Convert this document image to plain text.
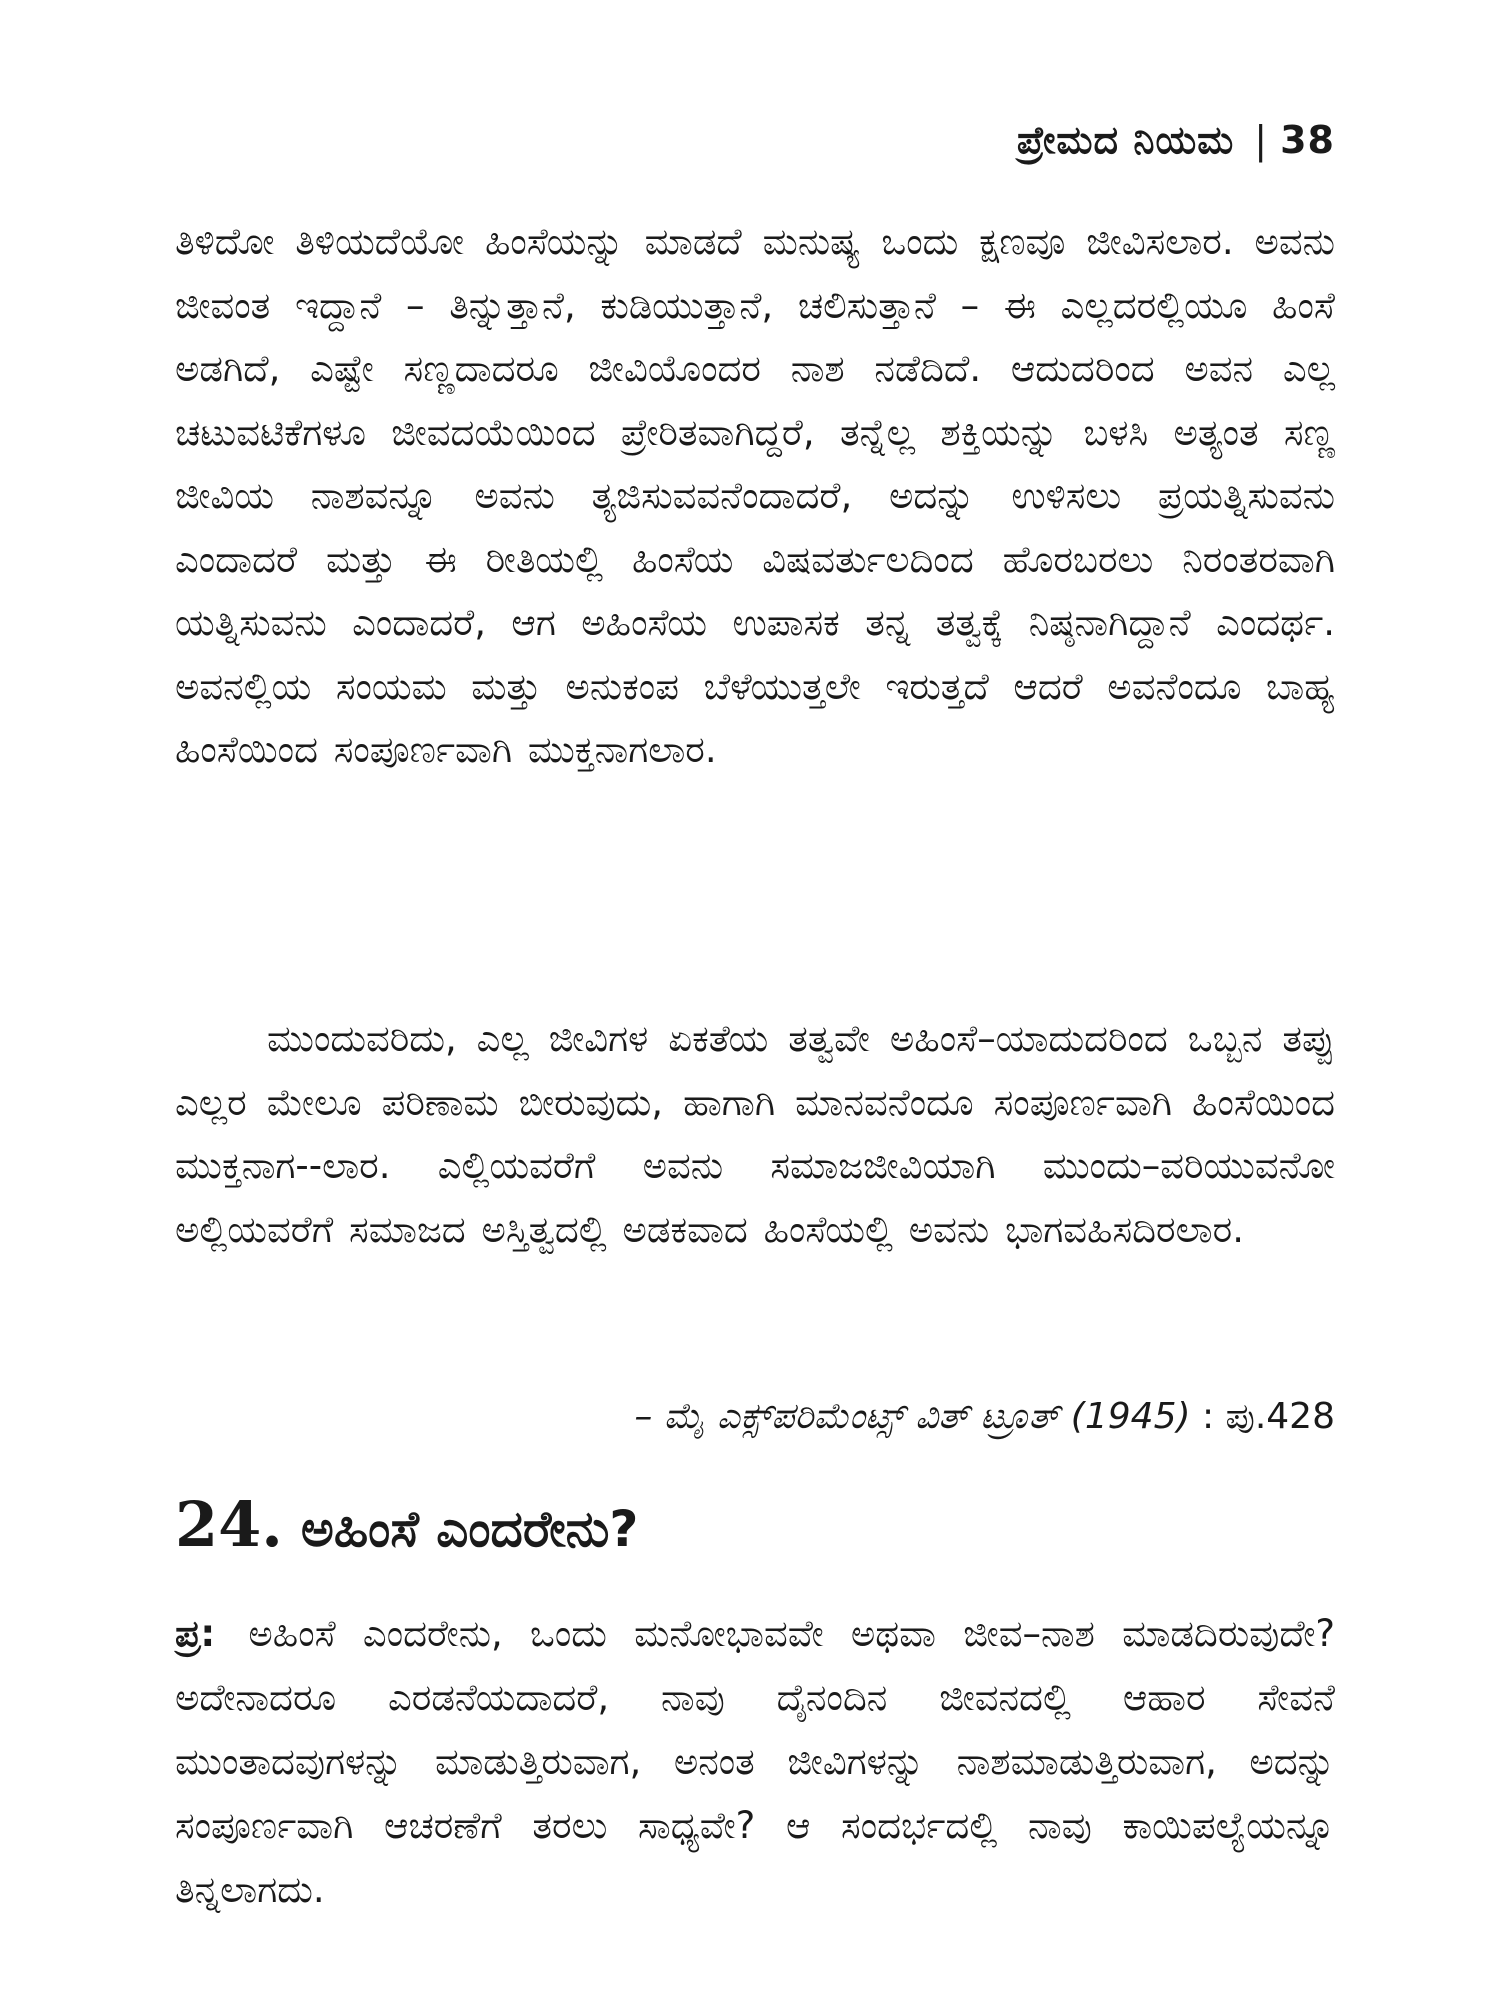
ಪ್ರೇಮದ ನಿಯಮ | 38

ತಿಳಿದೋ ತಿಳಿಯದೆಯೋ ಹಿಂಸೆಯನ್ನು ಮಾಡದೆ ಮನುಷ್ಯ ಒಂದು ಕ್ಷಣವೂ ಜೀವಿಸಲಾರ. ಅವನು ಜೀವಂತ ಇದ್ದಾನೆ – ತಿನ್ನುತ್ತಾನೆ, ಕುಡಿಯುತ್ತಾನೆ, ಚಲಿಸುತ್ತಾನೆ – ಈ ಎಲ್ಲದರಲ್ಲಿಯೂ ಹಿಂಸೆ ಅಡಗಿದೆ, ಎಷ್ಟೇ ಸಣ್ಣದಾದರೂ ಜೀವಿಯೊಂದರ ನಾಶ ನಡೆದಿದೆ. ಆದುದರಿಂದ ಅವನ ಎಲ್ಲ ಚಟುವಟಿಕೆಗಳೂ ಜೀವದಯೆಯಿಂದ ಪ್ರೇರಿತವಾಗಿದ್ದರೆ, ತನ್ನೆಲ್ಲ ಶಕ್ತಿಯನ್ನು ಬಳಸಿ ಅತ್ಯಂತ ಸಣ್ಣ ಜೀವಿಯ ನಾಶವನ್ನೂ ಅವನು ತ್ಯಜಿಸುವವನೆಂದಾದರೆ, ಅದನ್ನು ಉಳಿಸಲು ಪ್ರಯತ್ನಿಸುವನು ಎಂದಾದರೆ ಮತ್ತು ಈ ರೀತಿಯಲ್ಲಿ ಹಿಂಸೆಯ ವಿಷವರ್ತುಲದಿಂದ ಹೊರಬರಲು ನಿರಂತರವಾಗಿ ಯತ್ನಿಸುವನು ಎಂದಾದರೆ, ಆಗ ಅಹಿಂಸೆಯ ಉಪಾಸಕ ತನ್ನ ತತ್ವಕ್ಕೆ ನಿಷ್ಠನಾಗಿದ್ದಾನೆ ಎಂದರ್ಥ. ಅವನಲ್ಲಿಯ ಸಂಯಮ ಮತ್ತು ಅನುಕಂಪ ಬೆಳೆಯುತ್ತಲೇ ಇರುತ್ತದೆ ಆದರೆ ಅವನೆಂದೂ ಬಾಹ್ಯ ಹಿಂಸೆಯಿಂದ ಸಂಪೂರ್ಣವಾಗಿ ಮುಕ್ತನಾಗಲಾರ.

ಮುಂದುವರಿದು, ಎಲ್ಲ ಜೀವಿಗಳ ಏಕತೆಯ ತತ್ವವೇ ಅಹಿಂಸೆ–ಯಾದುದರಿಂದ ಒಬ್ಬನ ತಪ್ಪು ಎಲ್ಲರ ಮೇಲೂ ಪರಿಣಾಮ ಬೀರುವುದು, ಹಾಗಾಗಿ ಮಾನವನೆಂದೂ ಸಂಪೂರ್ಣವಾಗಿ ಹಿಂಸೆಯಿಂದ ಮುಕ್ತನಾಗ--ಲಾರ. ಎಲ್ಲಿಯವರೆಗೆ ಅವನು ಸಮಾಜಜೀವಿಯಾಗಿ ಮುಂದು–ವರಿಯುವನೋ ಅಲ್ಲಿಯವರೆಗೆ ಸಮಾಜದ ಅಸ್ತಿತ್ವದಲ್ಲಿ ಅಡಕವಾದ ಹಿಂಸೆಯಲ್ಲಿ ಅವನು ಭಾಗವಹಿಸದಿರಲಾರ.

– ಮೈ ಎಕ್ಸ್‌ಪರಿಮೆಂಟ್ಸ್ ವಿತ್ ಟ್ರೂತ್ (1945) : ಪು.428
24. ಅಹಿಂಸೆ ಎಂದರೇನು?

ಪ್ರ: ಅಹಿಂಸೆ ಎಂದರೇನು, ಒಂದು ಮನೋಭಾವವೇ ಅಥವಾ ಜೀವ–ನಾಶ ಮಾಡದಿರುವುದೇ? ಅದೇನಾದರೂ ಎರಡನೆಯದಾದರೆ, ನಾವು ದೈನಂದಿನ ಜೀವನದಲ್ಲಿ ಆಹಾರ ಸೇವನೆ ಮುಂತಾದವುಗಳನ್ನು ಮಾಡುತ್ತಿರುವಾಗ, ಅನಂತ ಜೀವಿಗಳನ್ನು ನಾಶಮಾಡುತ್ತಿರುವಾಗ, ಅದನ್ನು ಸಂಪೂರ್ಣವಾಗಿ ಆಚರಣೆಗೆ ತರಲು ಸಾಧ್ಯವೇ? ಆ ಸಂದರ್ಭದಲ್ಲಿ ನಾವು ಕಾಯಿಪಲ್ಯೆಯನ್ನೂ ತಿನ್ನಲಾಗದು.
